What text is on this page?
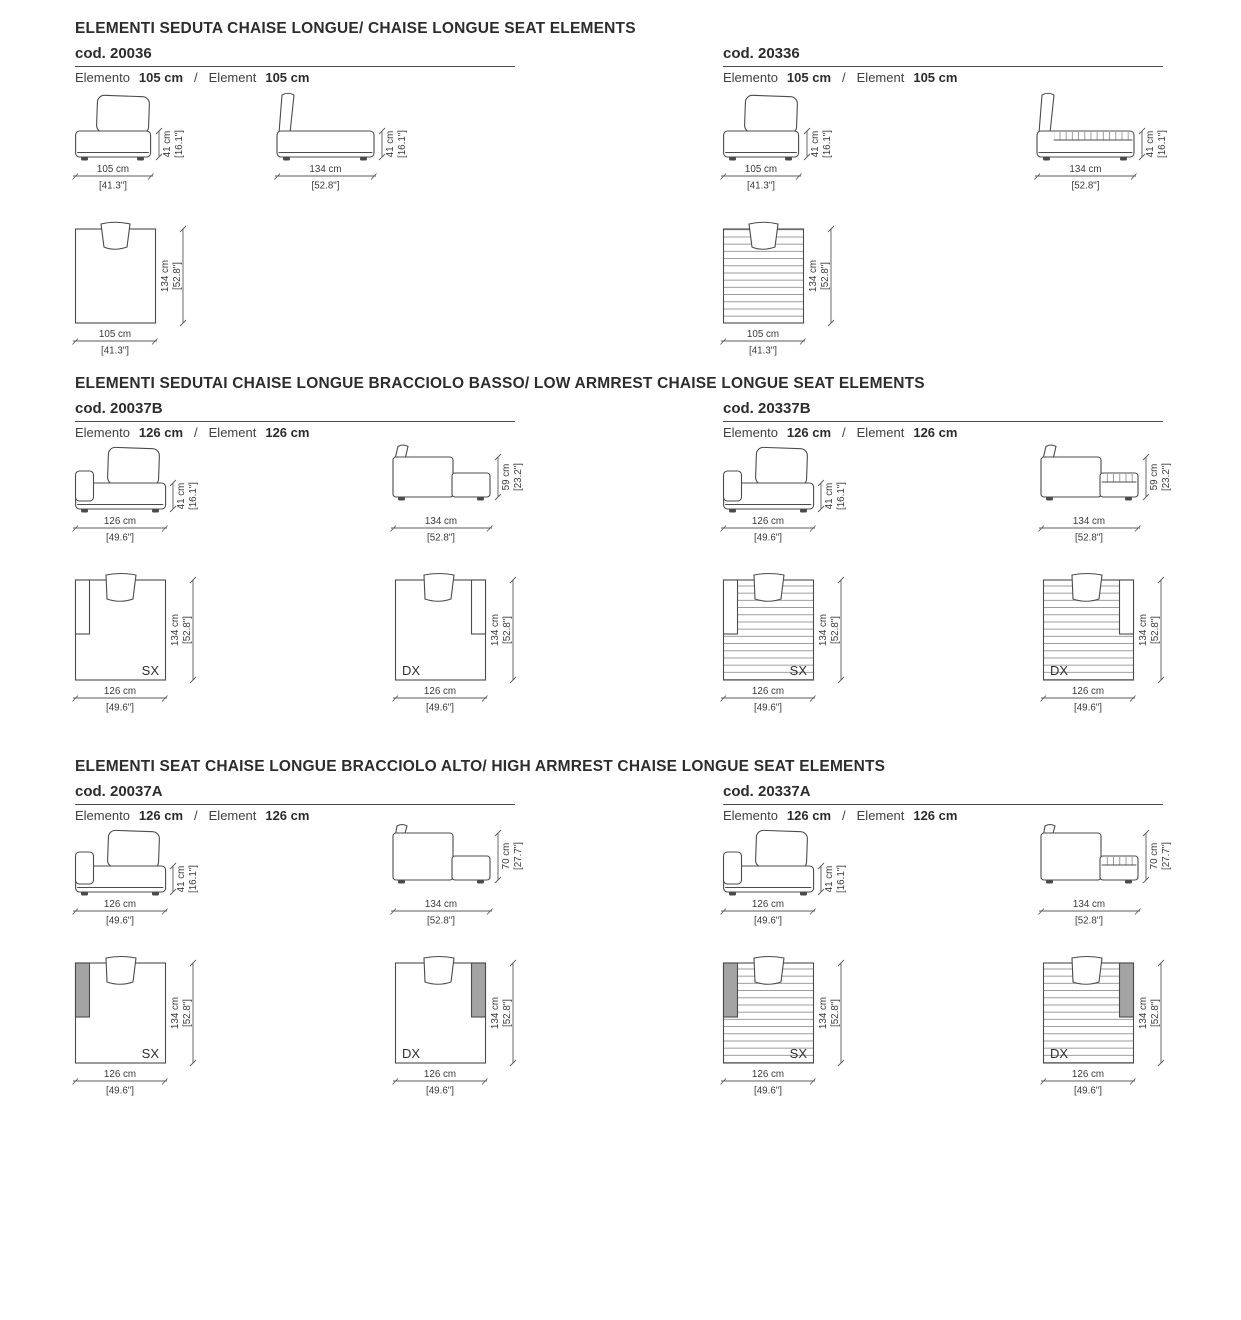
ELEMENTI SEDUTA CHAISE LONGUE/ CHAISE LONGUE SEAT ELEMENTS
cod. 20036
Elemento 105 cm / Element 105 cm
105 cm
[41.3"]
41 cm [16.1"]
134 cm
[52.8"]
41 cm [16.1"]
134 cm [52.8"]
105 cm
[41.3"]
cod. 20336
Elemento 105 cm / Element 105 cm
105 cm
[41.3"]
41 cm [16.1"]
134 cm
[52.8"]
41 cm [16.1"]
134 cm [52.8"]
105 cm
[41.3"]
ELEMENTI SEDUTAI CHAISE LONGUE BRACCIOLO BASSO/ LOW ARMREST CHAISE LONGUE SEAT ELEMENTS
cod. 20037B
Elemento 126 cm / Element 126 cm
126 cm
[49.6"]
41 cm [16.1"]
134 cm
[52.8"]
59 cm [23.2"]
SX
134 cm [52.8"]
126 cm
[49.6"]
DX
134 cm [52.8"]
126 cm
[49.6"]
cod. 20337B
Elemento 126 cm / Element 126 cm
126 cm
[49.6"]
41 cm [16.1"]
134 cm
[52.8"]
59 cm [23.2"]
SX
134 cm [52.8"]
126 cm
[49.6"]
DX
134 cm [52.8"]
126 cm
[49.6"]
ELEMENTI SEAT CHAISE LONGUE BRACCIOLO ALTO/ HIGH ARMREST CHAISE LONGUE SEAT ELEMENTS
cod. 20037A
Elemento 126 cm / Element 126 cm
126 cm
[49.6"]
41 cm [16.1"]
134 cm
[52.8"]
70 cm [27.7"]
SX
134 cm [52.8"]
126 cm
[49.6"]
DX
134 cm [52.8"]
126 cm
[49.6"]
cod. 20337A
Elemento 126 cm / Element 126 cm
126 cm
[49.6"]
41 cm [16.1"]
134 cm
[52.8"]
70 cm [27.7"]
SX
134 cm [52.8"]
126 cm
[49.6"]
DX
134 cm [52.8"]
126 cm
[49.6"]
